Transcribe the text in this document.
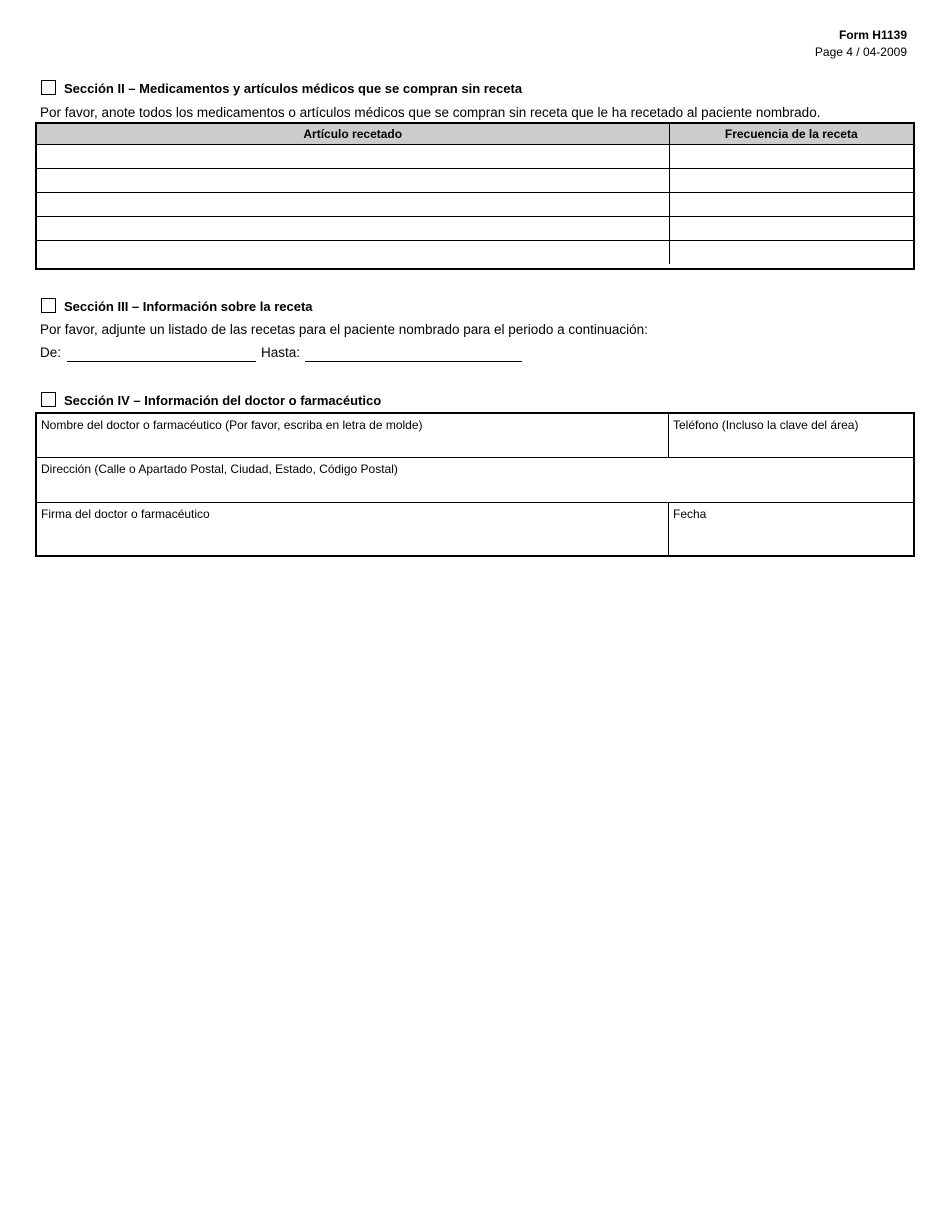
Form H1139
Page 4 / 04-2009
Sección II – Medicamentos y artículos médicos que se compran sin receta
Por favor, anote todos los medicamentos o artículos médicos que se compran sin receta que le ha recetado al paciente nombrado.
Artículo recetado	Frecuencia de la receta

Sección III – Información sobre la receta
Por favor, adjunte un listado de las recetas para el paciente nombrado para el periodo a continuación:
De:	Hasta:
Sección IV – Información del doctor o farmacéutico
Nombre del doctor o farmacéutico (Por favor, escriba en letra de molde)	Teléfono (Incluso la clave del área)
Dirección (Calle o Apartado Postal, Ciudad, Estado, Código Postal)
Firma del doctor o farmacéutico	Fecha
